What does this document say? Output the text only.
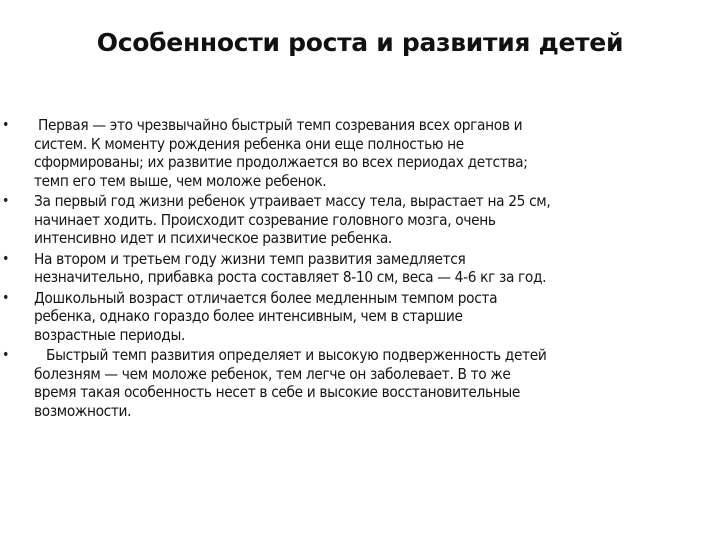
Особенности роста и развития детей
•	Первая — это чрезвычайно быстрый темп созревания всех органов и
систем. К моменту рождения ребенка они еще полностью не
сформированы; их развитие продолжается во всех периодах детства;
темп его тем выше, чем моложе ребенок.
•	За первый год жизни ребенок утраивает массу тела, вырастает на 25 см,
начинает ходить. Происходит созревание головного мозга, очень
интенсивно идет и психическое развитие ребенка.
•	На втором и третьем году жизни темп развития замедляется
незначительно, прибавка роста составляет 8-10 см, веса — 4-6 кг за год.
•	Дошкольный возраст отличается более медленным темпом роста
ребенка, однако гораздо более интенсивным, чем в старшие
возрастные периоды.
•	Быстрый темп развития определяет и высокую подверженность детей
болезням — чем моложе ребенок, тем легче он заболевает. В то же
время такая особенность несет в себе и высокие восстановительные
возможности.
